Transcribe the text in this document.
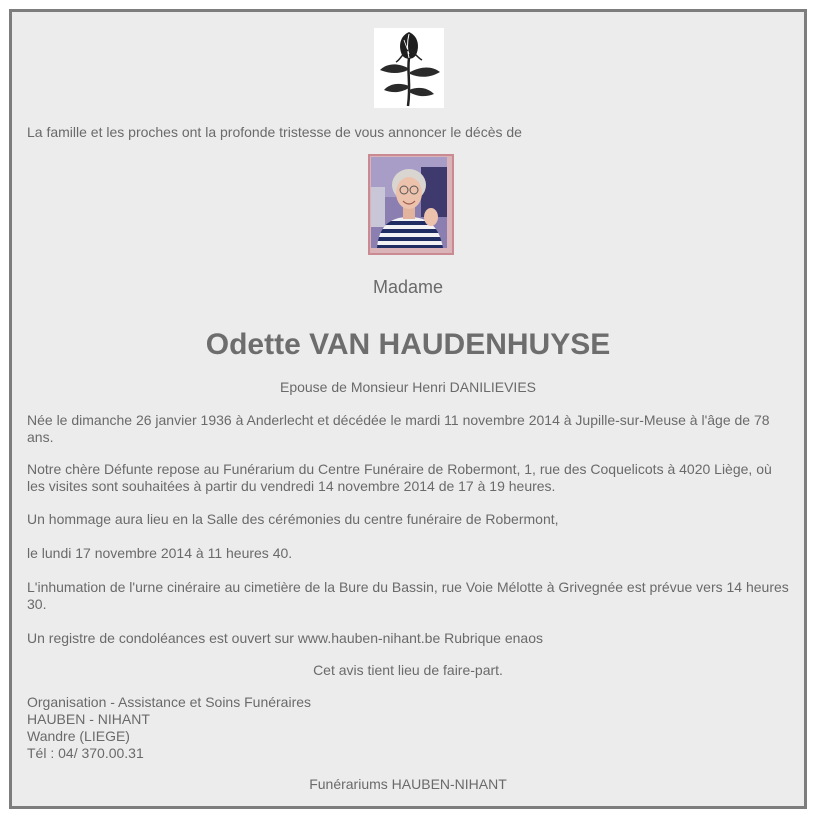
La famille et les proches ont la profonde tristesse de vous annoncer le décès de

Madame

Odette VAN HAUDENHUYSE

Epouse de Monsieur Henri DANILIEVIES

Née le dimanche 26 janvier 1936 à Anderlecht et décédée le mardi 11 novembre 2014 à Jupille-sur-Meuse à l'âge de 78 ans.

Notre chère Défunte repose au Funérarium du Centre Funéraire de Robermont, 1, rue des Coquelicots à 4020 Liège, où les visites sont souhaitées à partir du vendredi 14 novembre 2014 de 17 à 19 heures.

Un hommage aura lieu en la Salle des cérémonies du centre funéraire de Robermont,

le lundi 17 novembre 2014 à 11 heures 40.

L'inhumation de l'urne cinéraire au cimetière de la Bure du Bassin, rue Voie Mélotte à Grivegnée est prévue vers 14 heures 30.

Un registre de condoléances est ouvert sur www.hauben-nihant.be Rubrique enaos

Cet avis tient lieu de faire-part.

Organisation - Assistance et Soins Funéraires
HAUBEN - NIHANT
Wandre (LIEGE)
Tél : 04/ 370.00.31

Funérariums HAUBEN-NIHANT
